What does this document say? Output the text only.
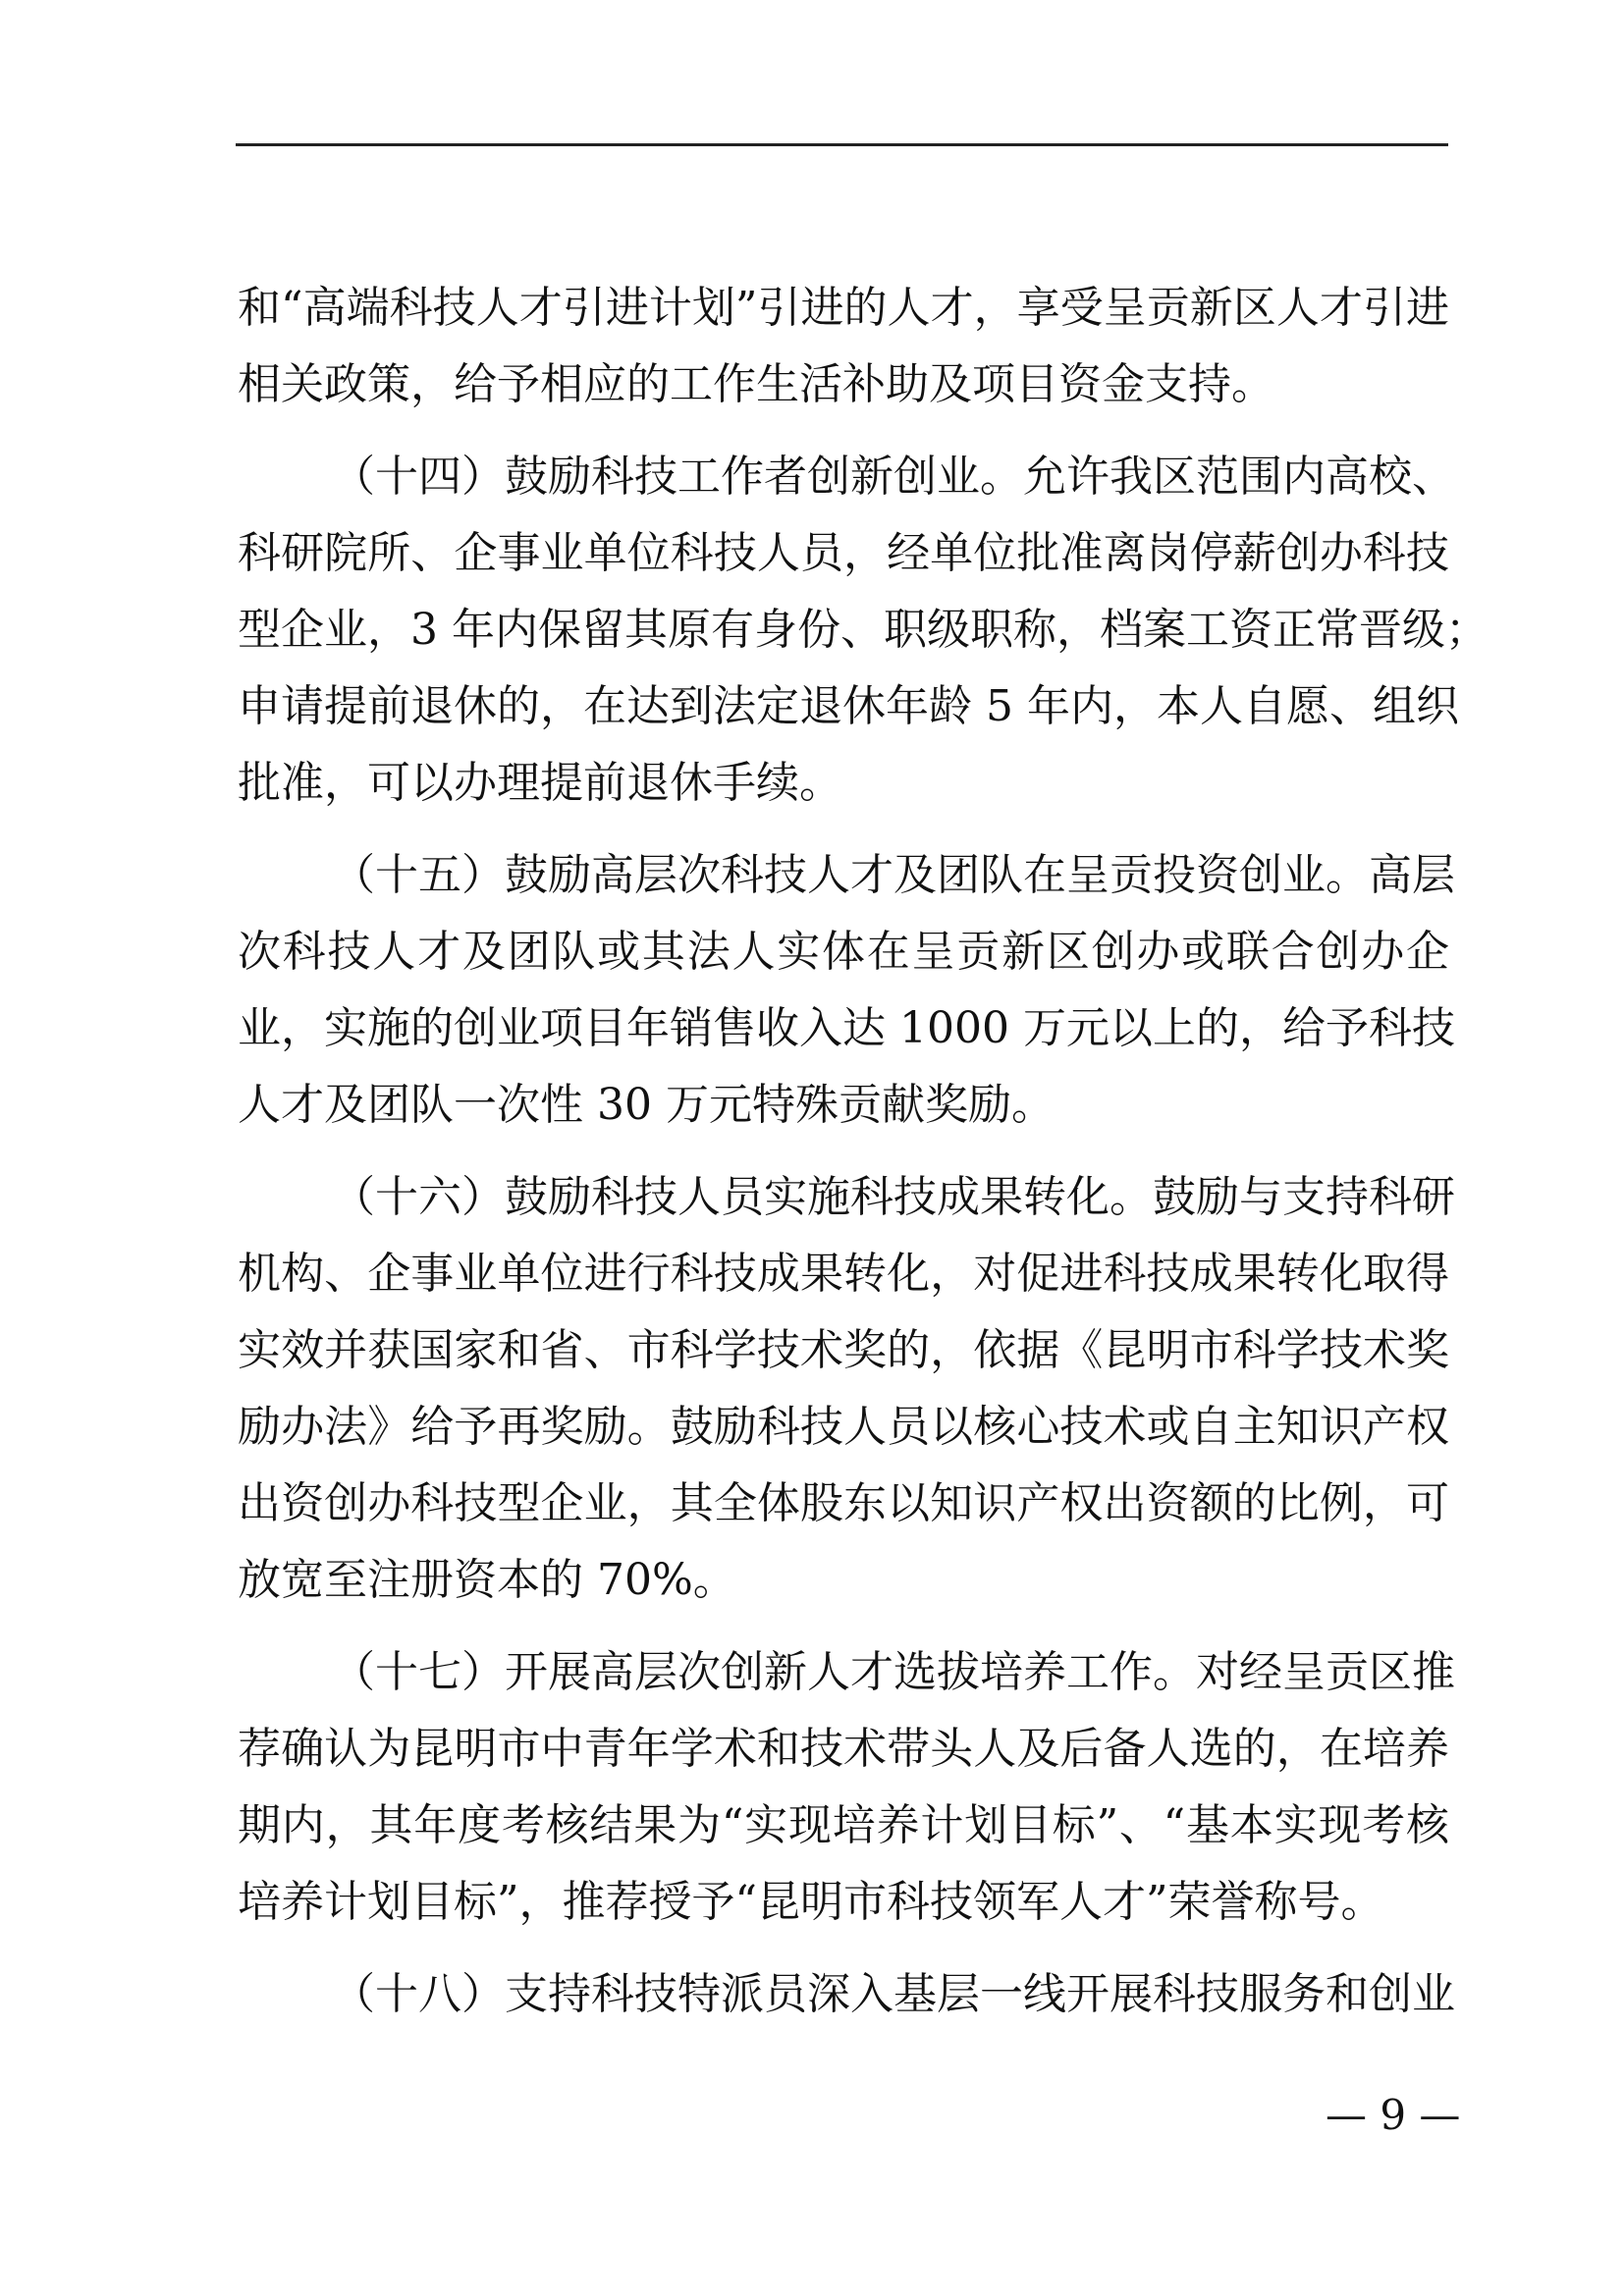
和“高端科技人才引进计划”引进的人才，享受呈贡新区人才引进
相关政策，给予相应的工作生活补助及项目资金支持。
（十四）鼓励科技工作者创新创业。允许我区范围内高校、
科研院所、企事业单位科技人员，经单位批准离岗停薪创办科技
型企业，3 年内保留其原有身份、职级职称，档案工资正常晋级；
申请提前退休的，在达到法定退休年龄 5 年内，本人自愿、组织
批准，可以办理提前退休手续。
（十五）鼓励高层次科技人才及团队在呈贡投资创业。高层
次科技人才及团队或其法人实体在呈贡新区创办或联合创办企
业，实施的创业项目年销售收入达 1000 万元以上的，给予科技
人才及团队一次性 30 万元特殊贡献奖励。
（十六）鼓励科技人员实施科技成果转化。鼓励与支持科研
机构、企事业单位进行科技成果转化，对促进科技成果转化取得
实效并获国家和省、市科学技术奖的，依据《昆明市科学技术奖
励办法》给予再奖励。鼓励科技人员以核心技术或自主知识产权
出资创办科技型企业，其全体股东以知识产权出资额的比例，可
放宽至注册资本的 70%。
（十七）开展高层次创新人才选拔培养工作。对经呈贡区推
荐确认为昆明市中青年学术和技术带头人及后备人选的，在培养
期内，其年度考核结果为“实现培养计划目标”、“基本实现考核
培养计划目标”，推荐授予“昆明市科技领军人才”荣誉称号。
（十八）支持科技特派员深入基层一线开展科技服务和创业
— 9 —
